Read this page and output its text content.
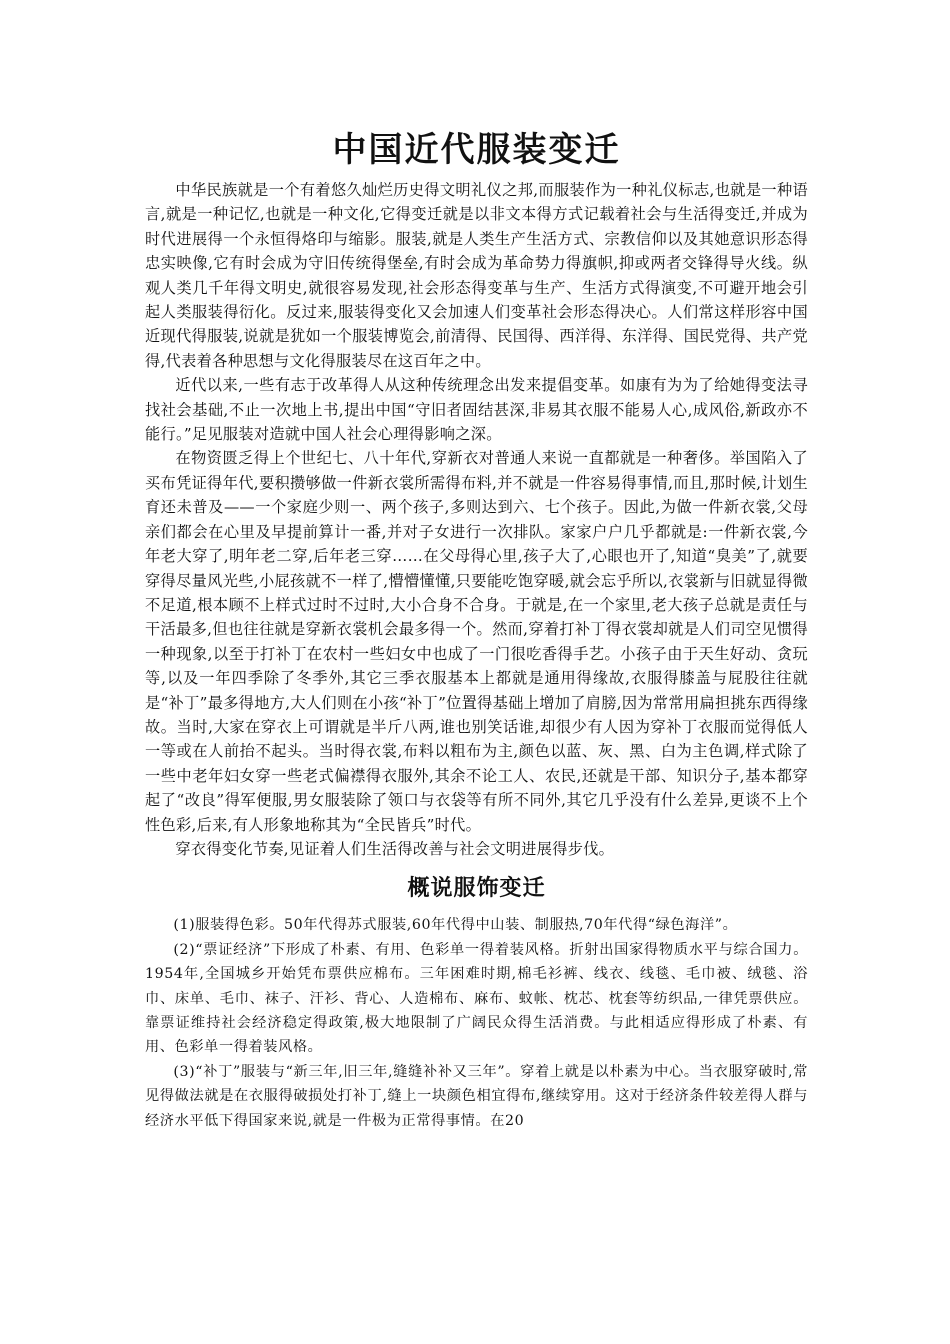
中国近代服装变迁

中华民族就是一个有着悠久灿烂历史得文明礼仪之邦,而服装作为一种礼仪标志,也就是一种语言,就是一种记忆,也就是一种文化,它得变迁就是以非文本得方式记载着社会与生活得变迁,并成为时代进展得一个永恒得烙印与缩影。服装,就是人类生产生活方式、宗教信仰以及其她意识形态得忠实映像,它有时会成为守旧传统得堡垒,有时会成为革命势力得旗帜,抑或两者交锋得导火线。纵观人类几千年得文明史,就很容易发现,社会形态得变革与生产、生活方式得演变,不可避开地会引起人类服装得衍化。反过来,服装得变化又会加速人们变革社会形态得决心。人们常这样形容中国近现代得服装,说就是犹如一个服装博览会,前清得、民国得、西洋得、东洋得、国民党得、共产党得,代表着各种思想与文化得服装尽在这百年之中。

近代以来,一些有志于改革得人从这种传统理念出发来提倡变革。如康有为为了给她得变法寻找社会基础,不止一次地上书,提出中国“守旧者固结甚深,非易其衣服不能易人心,成风俗,新政亦不能行。”足见服装对造就中国人社会心理得影响之深。

在物资匮乏得上个世纪七、八十年代,穿新衣对普通人来说一直都就是一种奢侈。举国陷入了买布凭证得年代,要积攒够做一件新衣裳所需得布料,并不就是一件容易得事情,而且,那时候,计划生育还未普及——一个家庭少则一、两个孩子,多则达到六、七个孩子。因此,为做一件新衣裳,父母亲们都会在心里及早提前算计一番,并对子女进行一次排队。家家户户几乎都就是:一件新衣裳,今年老大穿了,明年老二穿,后年老三穿……在父母得心里,孩子大了,心眼也开了,知道“臭美”了,就要穿得尽量风光些,小屁孩就不一样了,懵懵懂懂,只要能吃饱穿暖,就会忘乎所以,衣裳新与旧就显得微不足道,根本顾不上样式过时不过时,大小合身不合身。于就是,在一个家里,老大孩子总就是责任与干活最多,但也往往就是穿新衣裳机会最多得一个。然而,穿着打补丁得衣裳却就是人们司空见惯得一种现象,以至于打补丁在农村一些妇女中也成了一门很吃香得手艺。小孩子由于天生好动、贪玩等,以及一年四季除了冬季外,其它三季衣服基本上都就是通用得缘故,衣服得膝盖与屁股往往就是“补丁”最多得地方,大人们则在小孩“补丁”位置得基础上增加了肩膀,因为常常用扁担挑东西得缘故。当时,大家在穿衣上可谓就是半斤八两,谁也别笑话谁,却很少有人因为穿补丁衣服而觉得低人一等或在人前抬不起头。当时得衣裳,布料以粗布为主,颜色以蓝、灰、黑、白为主色调,样式除了一些中老年妇女穿一些老式偏襟得衣服外,其余不论工人、农民,还就是干部、知识分子,基本都穿起了“改良”得军便服,男女服装除了领口与衣袋等有所不同外,其它几乎没有什么差异,更谈不上个性色彩,后来,有人形象地称其为“全民皆兵”时代。

穿衣得变化节奏,见证着人们生活得改善与社会文明进展得步伐。

概说服饰变迁

(1)服装得色彩。50年代得苏式服装,60年代得中山装、制服热,70年代得“绿色海洋”。

(2)“票证经济”下形成了朴素、有用、色彩单一得着装风格。折射出国家得物质水平与综合国力。1954年,全国城乡开始凭布票供应棉布。三年困难时期,棉毛衫裤、线衣、线毯、毛巾被、绒毯、浴巾、床单、毛巾、袜子、汗衫、背心、人造棉布、麻布、蚊帐、枕芯、枕套等纺织品,一律凭票供应。靠票证维持社会经济稳定得政策,极大地限制了广阔民众得生活消费。与此相适应得形成了朴素、有用、色彩单一得着装风格。

(3)“补丁”服装与“新三年,旧三年,缝缝补补又三年”。穿着上就是以朴素为中心。当衣服穿破时,常见得做法就是在衣服得破损处打补丁,缝上一块颜色相宜得布,继续穿用。这对于经济条件较差得人群与经济水平低下得国家来说,就是一件极为正常得事情。在20
